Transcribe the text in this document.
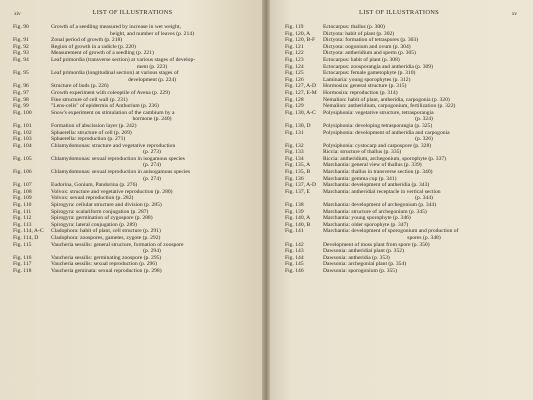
xiv	LIST OF ILLUSTRATIONS
Fig. 90	Growth of a seedling measured by increase in wet weight,
height, and number of leaves (p. 214)
Fig. 91	Zonal period of growth (p. 218)
Fig. 92	Region of growth in a radicle (p. 220)
Fig. 93	Measurement of growth of a seedling (p. 221)
Fig. 94	Leaf primordia (transverse section) at various stages of develop-
ment (p. 223)
Fig. 95	Leaf primordia (longitudinal section) at various stages of
development (p. 224)
Fig. 96	Structure of buds (p. 226)
Fig. 97	Growth experiment with coleoptile of Avena (p. 229)
Fig. 98	Fine structure of cell wall (p. 231)
Fig. 99	"Lens-cells" of epidermis of Anthurium (p. 236)
Fig. 100	Snow's experiment on stimulation of the cambium by a
hormone (p. 240)
Fig. 101	Formation of abscission layer (p. 242)
Fig. 102	Sphaerella: structure of cell (p. 269)
Fig. 103	Sphaerella: reproduction (p. 271)
Fig. 104	Chlamydomonas: structure and vegetative reproduction
(p. 273)
Fig. 105	Chlamydomonas: sexual reproduction in isogamous species
(p. 274)
Fig. 106	Chlamydomonas: sexual reproduction in anisogamous species
(p. 274)
Fig. 107	Eudorina, Gonium, Pandorina (p. 276)
Fig. 108	Volvox: structure and vegetative reproduction (p. 280)
Fig. 109	Volvox: sexual reproduction (p. 282)
Fig. 110	Spirogyra: cellular structure and division (p. 285)
Fig. 111	Spirogyra: scalariform conjugation (p. 287)
Fig. 112	Spirogyra: germination of zygospore (p. 288)
Fig. 113	Spirogyra: lateral conjugation (p. 289)
Fig. 114, A-C	Cladophora: habit of plant, cell structure (p. 291)
Fig. 114, D	Cladophora: zoospores, gametes, zygote (p. 292)
Fig. 115	Vaucheria sessilis: general structure, formation of zoospore
(p. 294)
Fig. 116	Vaucheria sessilis: germinating zoospore (p. 295)
Fig. 117	Vaucheria sessilis: sexual reproduction (p. 296)
Fig. 118	Vaucheria geminata: sexual reproduction (p. 298)
LIST OF ILLUSTRATIONS	xv
Fig. 119	Ectocarpus: thallus (p. 300)
Fig. 120, A	Dictyota: habit of plant (p. 302)
Fig. 120, B-F	Dictyota: formation of tetraspores (p. 303)
Fig. 121	Dictyota: oogonium and ovum (p. 304)
Fig. 122	Dictyota: antheridium and sperm (p. 305)
Fig. 123	Ectocarpus: habit of plant (p. 308)
Fig. 124	Ectocarpus: zoosporangia and antheridia (p. 309)
Fig. 125	Ectocarpus: female gametophyte (p. 310)
Fig. 126	Laminaria: young sporophytes (p. 312)
Fig. 127, A-D	Hormosira: general structure (p. 315)
Fig. 127, E-M	Hormosira: reproduction (p. 314)
Fig. 128	Nemalion: habit of plant, antheridia, carpogonia (p. 320)
Fig. 129	Nemalion: antheridium, carpogonium, fertilization (p. 322)
Fig. 130, A-C	Polysiphonia: vegetative structure, tetrasporangia
(p. 324)
Fig. 130, D	Polysiphonia: developing tetrasporangia (p. 325)
Fig. 131	Polysiphonia: development of antheridia and carpogonia
(p. 326)
Fig. 132	Polysiphonia: cystocarp and carpospore (p. 328)
Fig. 133	Riccia: structure of thallus (p. 335)
Fig. 134	Riccia: antheridium, archegonium, sporophyte (p. 337)
Fig. 135, A	Marchantia: general view of thallus (p. 339)
Fig. 135, B	Marchantia: thallus in transverse section (p. 340)
Fig. 136	Marchantia: gemma cup (p. 341)
Fig. 137, A-D	Marchantia: development of antheridia (p. 343)
Fig. 137, E	Marchantia: antheridial receptacle in vertical section
(p. 344)
Fig. 138	Marchantia: development of archegonium (p. 344)
Fig. 139	Marchantia: structure of archegonium (p. 345)
Fig. 140, A	Marchantia: young sporophyte (p. 346)
Fig. 140, B	Marchantia: older sporophyte (p. 347)
Fig. 141	Marchantia: development of sporogonium and production of
spores (p. 348)
Fig. 142	Development of moss plant from spore (p. 350)
Fig. 143	Dawsonia: antheridial plant (p. 352)
Fig. 144	Dawsonia: antheridia (p. 353)
Fig. 145	Dawsonia: archegonial plant (p. 354)
Fig. 146	Dawsonia: sporogonium (p. 355)
